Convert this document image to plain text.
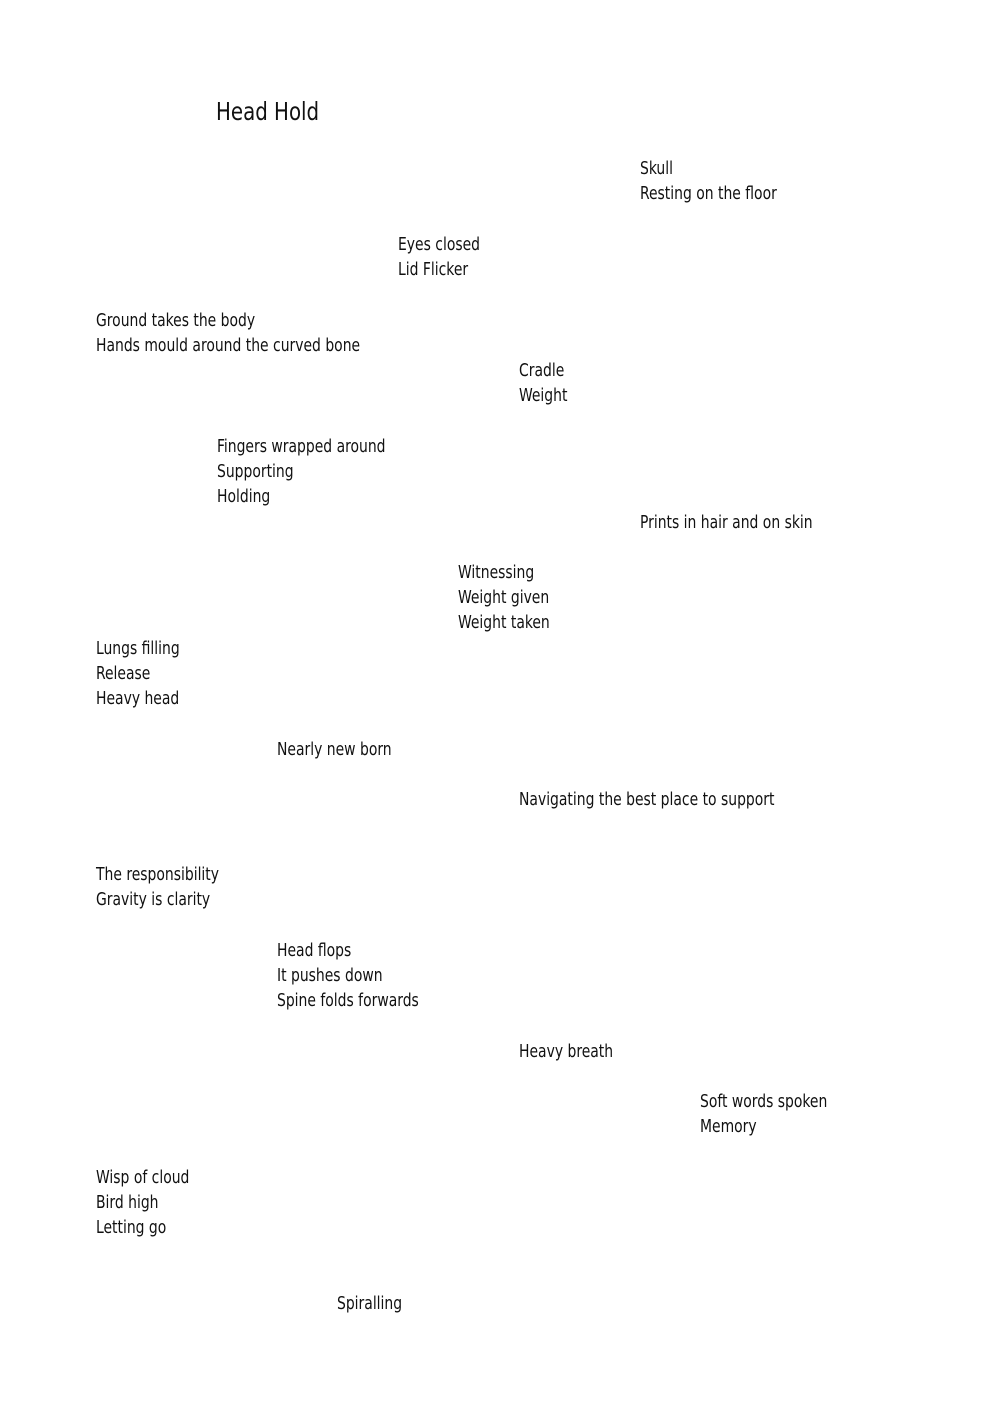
Head Hold
Skull
Resting on the floor
Eyes closed
Lid Flicker
Ground takes the body
Hands mould around the curved bone
Cradle
Weight
Fingers wrapped around
Supporting
Holding
Prints in hair and on skin
Witnessing
Weight given
Weight taken
Lungs filling
Release
Heavy head
Nearly new born
Navigating the best place to support
The responsibility
Gravity is clarity
Head flops
It pushes down
Spine folds forwards
Heavy breath
Soft words spoken
Memory
Wisp of cloud
Bird high
Letting go
Spiralling
